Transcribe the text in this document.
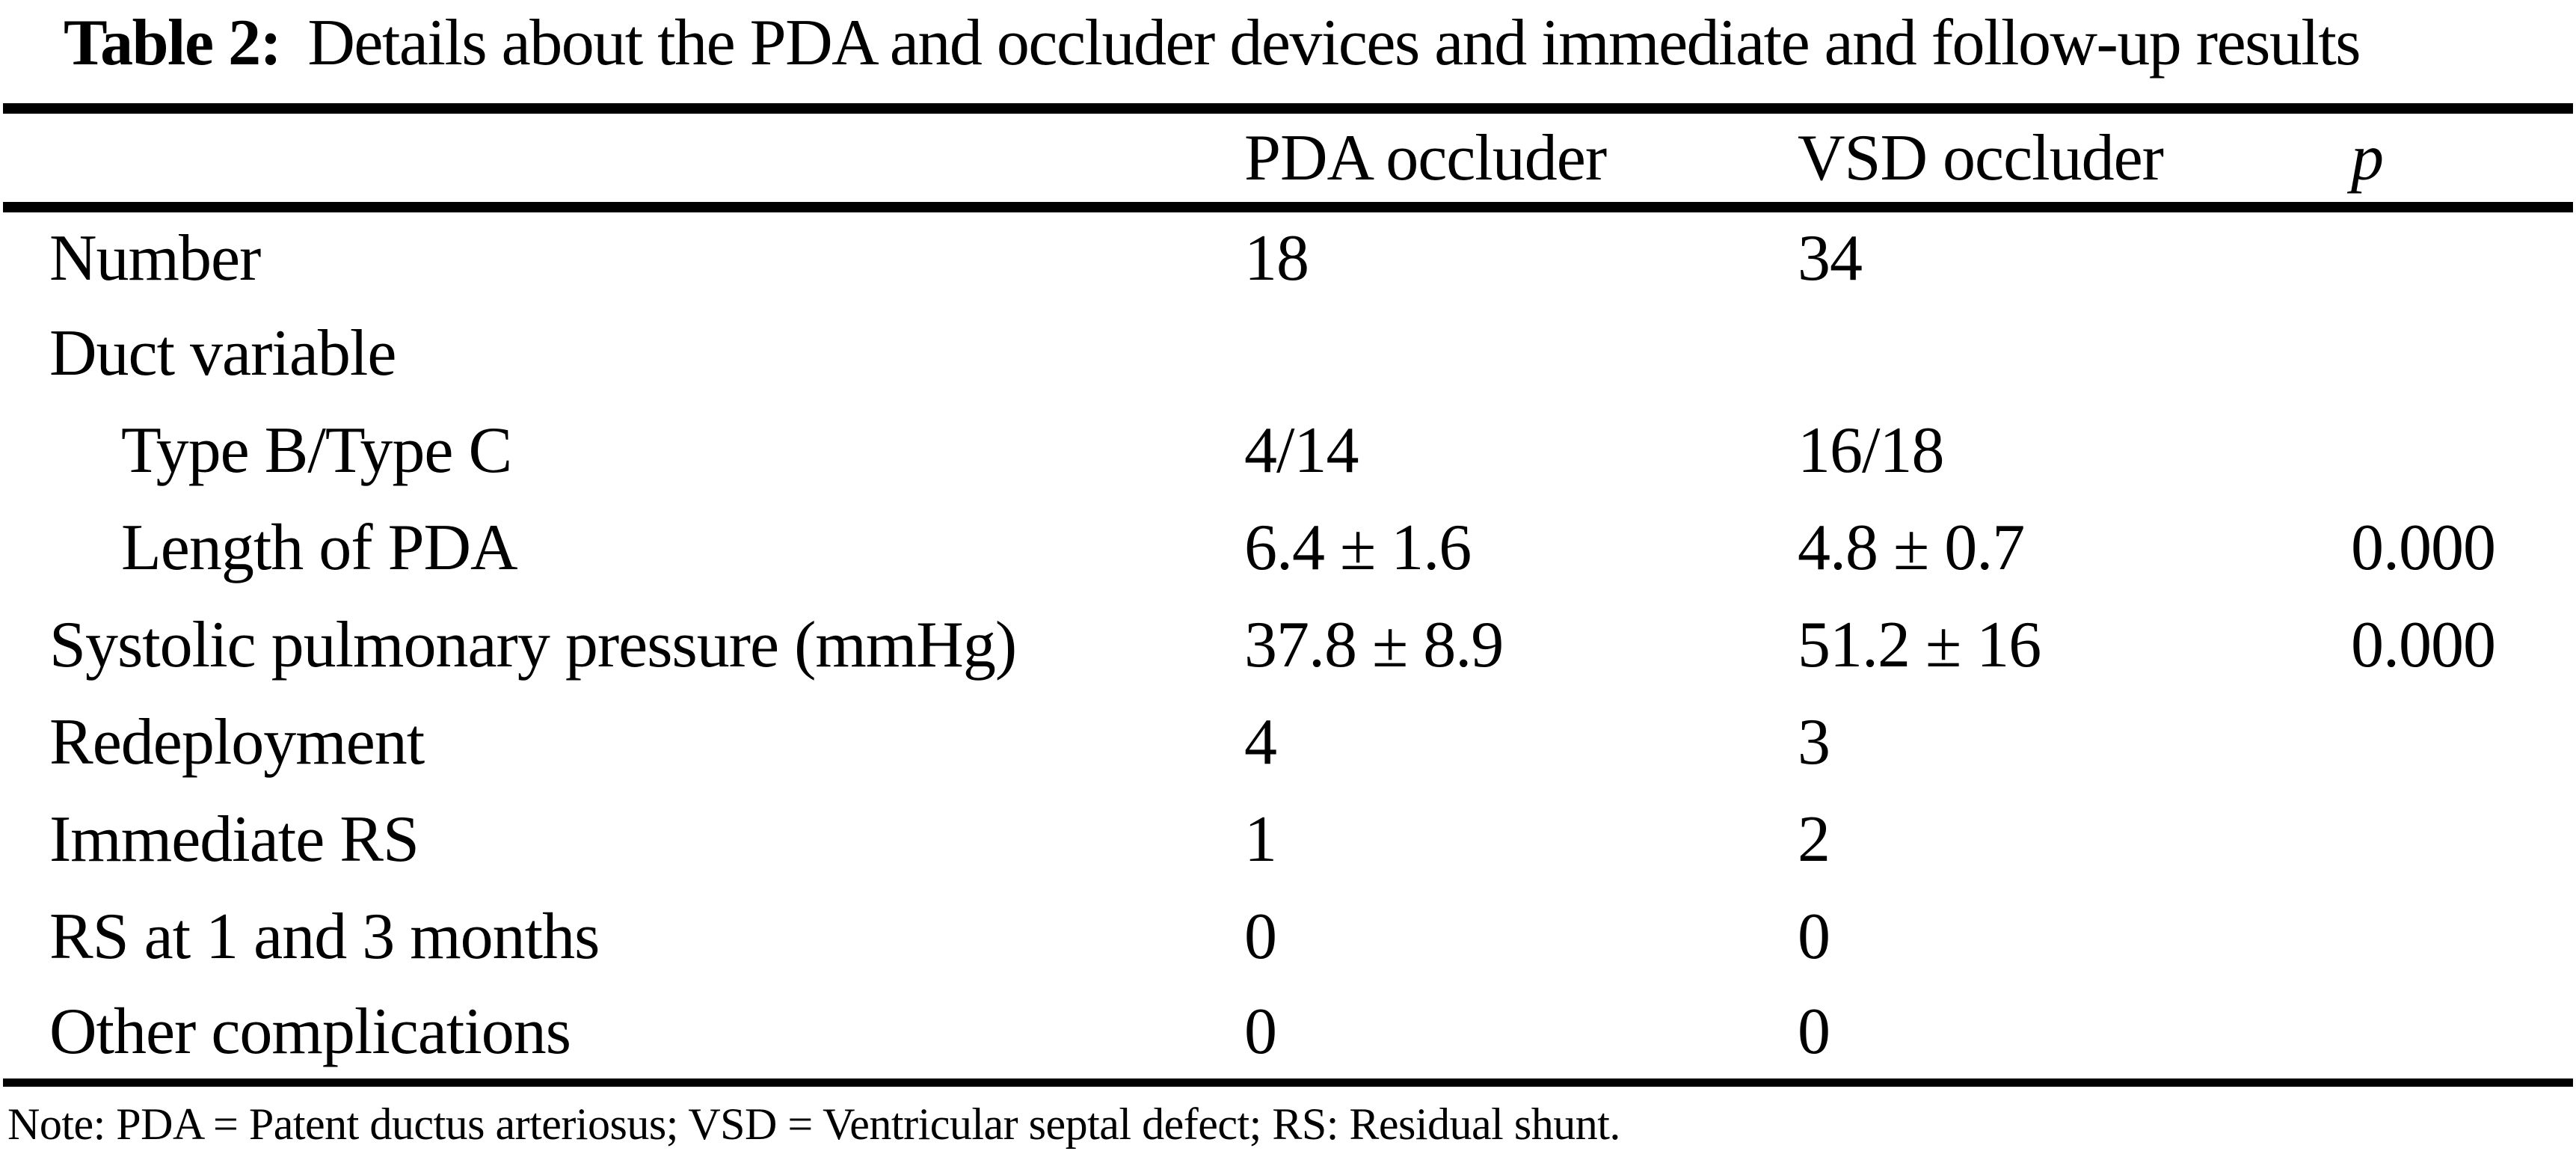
Table 2: Details about the PDA and occluder devices and immediate and follow-up results
	PDA occluder	VSD occluder	p
Number	18	34	
Duct variable			
Type B/Type C	4/14	16/18	
Length of PDA	6.4 ± 1.6	4.8 ± 0.7	0.000
Systolic pulmonary pressure (mmHg)	37.8 ± 8.9	51.2 ± 16	0.000
Redeployment	4	3	
Immediate RS	1	2	
RS at 1 and 3 months	0	0	
Other complications	0	0	
Note: PDA = Patent ductus arteriosus; VSD = Ventricular septal defect; RS: Residual shunt.
